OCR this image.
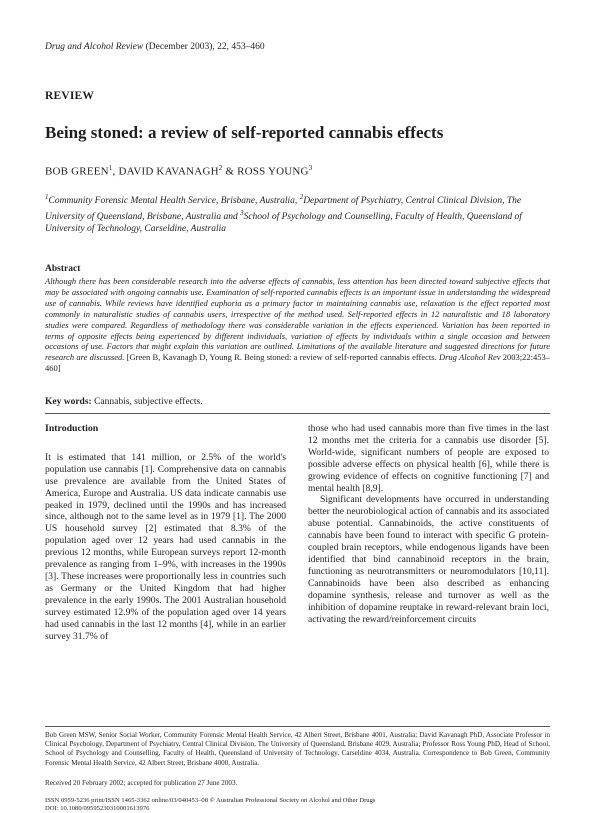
Drug and Alcohol Review (December 2003), 22, 453–460
REVIEW
Being stoned: a review of self-reported cannabis effects
BOB GREEN$^1$, DAVID KAVANAGH$^2$ & ROSS YOUNG$^3$
$^1$Community Forensic Mental Health Service, Brisbane, Australia, $^2$Department of Psychiatry, Central Clinical Division, The University of Queensland, Brisbane, Australia and $^3$School of Psychology and Counselling, Faculty of Health, Queensland of University of Technology, Carseldine, Australia
Abstract
Although there has been considerable research into the adverse effects of cannabis, less attention has been directed toward subjective effects that may be associated with ongoing cannabis use. Examination of self-reported cannabis effects is an important issue in understanding the widespread use of cannabis. While reviews have identified euphoria as a primary factor in maintaining cannabis use, relaxation is the effect reported most commonly in naturalistic studies of cannabis users, irrespective of the method used. Self-reported effects in 12 naturalistic and 18 laboratory studies were compared. Regardless of methodology there was considerable variation in the effects experienced. Variation has been reported in terms of opposite effects being experienced by different individuals, variation of effects by individuals within a single occasion and between occasions of use. Factors that might explain this variation are outlined. Limitations of the available literature and suggested directions for future research are discussed. [Green B, Kavanagh D, Young R. Being stoned: a review of self-reported cannabis effects. Drug Alcohol Rev 2003;22:453–460]
Key words: Cannabis, subjective effects.

Introduction

It is estimated that 141 million, or 2.5% of the world's population use cannabis [1]. Comprehensive data on cannabis use prevalence are available from the United States of America, Europe and Australia. US data indicate cannabis use peaked in 1979, declined until the 1990s and has increased since, although not to the same level as in 1979 [1]. The 2000 US household survey [2] estimated that 8.3% of the population aged over 12 years had used cannabis in the previous 12 months, while European surveys report 12-month prevalence as ranging from 1–9%, with increases in the 1990s [3]. These increases were proportionally less in countries such as Germany or the United Kingdom that had higher prevalence in the early 1990s. The 2001 Australian household survey estimated 12.9% of the population aged over 14 years had used cannabis in the last 12 months [4], while in an earlier survey 31.7% of

those who had used cannabis more than five times in the last 12 months met the criteria for a cannabis use disorder [5]. World-wide, significant numbers of people are exposed to possible adverse effects on physical health [6], while there is growing evidence of effects on cognitive functioning [7] and mental health [8,9].

Significant developments have occurred in understanding better the neurobiological action of cannabis and its associated abuse potential. Cannabinoids, the active constituents of cannabis have been found to interact with specific G protein-coupled brain receptors, while endogenous ligands have been identified that bind cannabinoid receptors in the brain, functioning as neurotransmitters or neuromodulators [10,11]. Cannabinoids have been also described as enhancing dopamine synthesis, release and turnover as well as the inhibition of dopamine reuptake in reward-relevant brain loci, activating the reward/reinforcement circuits

Bob Green MSW, Senior Social Worker, Community Forensic Mental Health Service, 42 Albert Street, Brisbane 4001, Australia; David Kavanagh PhD, Associate Professor in Clinical Psychology, Department of Psychiatry, Central Clinical Division, The University of Queensland, Brisbane 4029, Australia; Professor Ross Young PhD, Head of School, School of Psychology and Counselling, Faculty of Health, Queensland of University of Technology, Carseldine 4034, Australia. Correspondence to Bob Green, Community Forensic Mental Health Service, 42 Albert Street, Brisbane 4000, Australia.
Received 20 February 2002; accepted for publication 27 June 2003.
ISSN 0959-5236 print/ISSN 1465-3362 online/03/040453–08 © Australian Professional Society on Alcohol and Other Drugs
DOI: 10.1080/09595230310001613976
